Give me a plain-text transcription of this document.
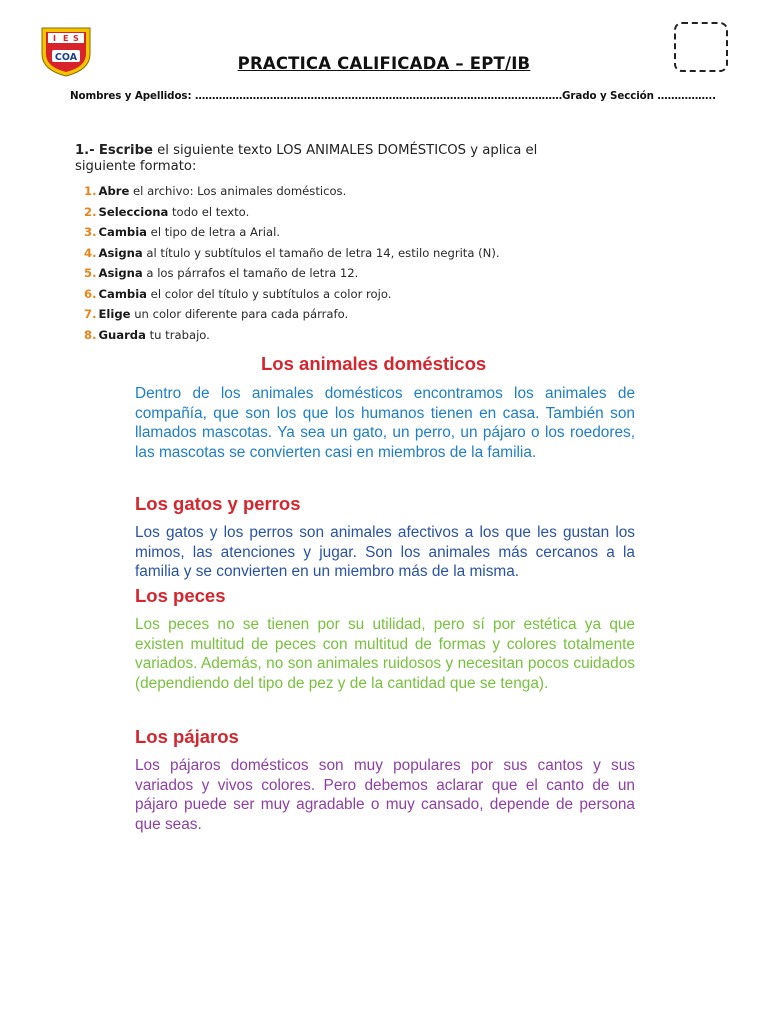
I E S
COA	PRACTICA CALIFICADA – EPT/IB
Nombres y Apellidos: ………………………………………………………………………………………………Grado y Sección ……………..
1.- Escribe el siguiente texto LOS ANIMALES DOMÉSTICOS y aplica el siguiente formato:
1. Abre el archivo: Los animales domésticos.
2. Selecciona todo el texto.
3. Cambia el tipo de letra a Arial.
4. Asigna al título y subtítulos el tamaño de letra 14, estilo negrita (N).
5. Asigna a los párrafos el tamaño de letra 12.
6. Cambia el color del título y subtítulos a color rojo.
7. Elige un color diferente para cada párrafo.
8. Guarda tu trabajo.
Los animales domésticos

Dentro de los animales domésticos encontramos los animales de compañía, que son los que los humanos tienen en casa. También son llamados mascotas. Ya sea un gato, un perro, un pájaro o los roedores, las mascotas se convierten casi en miembros de la familia.

Los gatos y perros

Los gatos y los perros son animales afectivos a los que les gustan los mimos, las atenciones y jugar. Son los animales más cercanos a la familia y se convierten en un miembro más de la misma.

Los peces

Los peces no se tienen por su utilidad, pero sí por estética ya que existen multitud de peces con multitud de formas y colores totalmente variados. Además, no son animales ruidosos y necesitan pocos cuidados (dependiendo del tipo de pez y de la cantidad que se tenga).

Los pájaros

Los pájaros domésticos son muy populares por sus cantos y sus variados y vivos colores. Pero debemos aclarar que el canto de un pájaro puede ser muy agradable o muy cansado, depende de persona que seas.
